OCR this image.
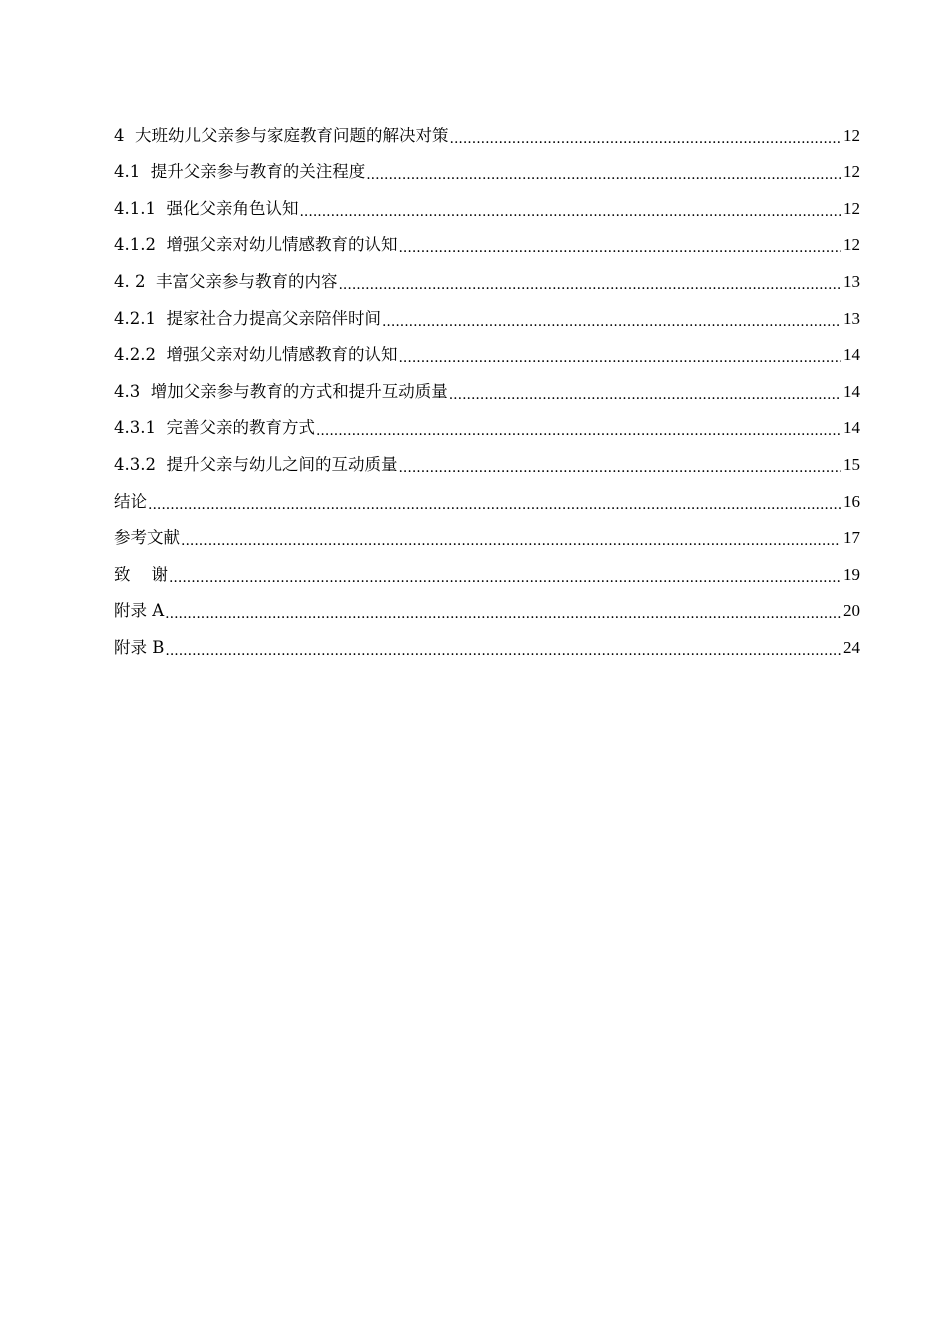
4  大班幼儿父亲参与家庭教育问题的解决对策 .....	12
4.1  提升父亲参与教育的关注程度 .....	12
4.1.1  强化父亲角色认知 .....	12
4.1.2  增强父亲对幼儿情感教育的认知 .....	12
4. 2  丰富父亲参与教育的内容 .....	13
4.2.1  提家社合力提高父亲陪伴时间 .....	13
4.2.2  增强父亲对幼儿情感教育的认知 .....	14
4.3  增加父亲参与教育的方式和提升互动质量 .....	14
4.3.1  完善父亲的教育方式 .....	14
4.3.2  提升父亲与幼儿之间的互动质量 .....	15
结论 .....	16
参考文献 .....	17
致    谢 .....	19
附录 A .....	20
附录 B .....	24
